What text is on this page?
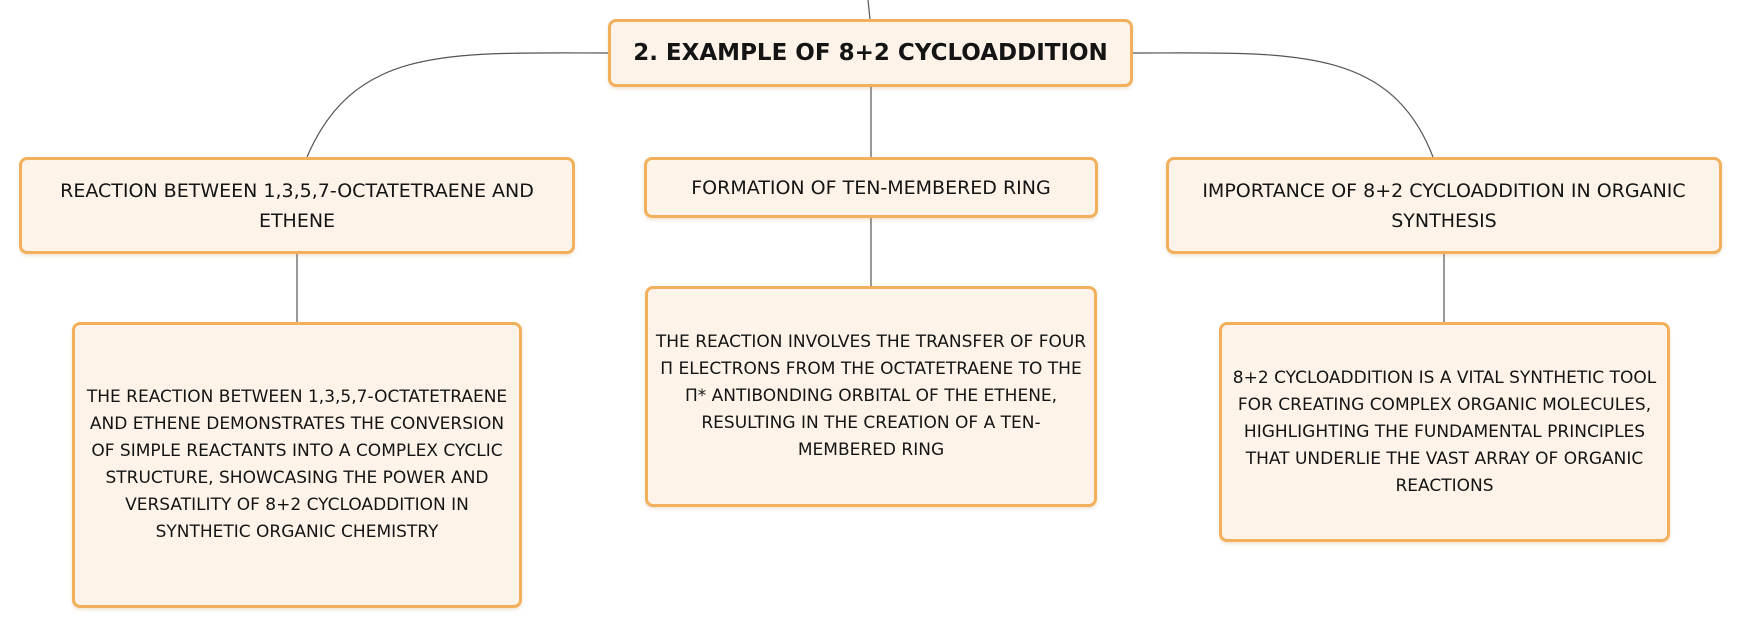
2. EXAMPLE OF 8+2 CYCLOADDITION
REACTION BETWEEN 1,3,5,7-OCTATETRAENE AND ETHENE
FORMATION OF TEN-MEMBERED RING	IMPORTANCE OF 8+2 CYCLOADDITION IN ORGANIC SYNTHESIS
THE REACTION BETWEEN 1,3,5,7-OCTATETRAENE AND ETHENE DEMONSTRATES THE CONVERSION OF SIMPLE REACTANTS INTO A COMPLEX CYCLIC STRUCTURE, SHOWCASING THE POWER AND VERSATILITY OF 8+2 CYCLOADDITION IN SYNTHETIC ORGANIC CHEMISTRY
THE REACTION INVOLVES THE TRANSFER OF FOUR Π ELECTRONS FROM THE OCTATETRAENE TO THE Π* ANTIBONDING ORBITAL OF THE ETHENE, RESULTING IN THE CREATION OF A TEN-MEMBERED RING
8+2 CYCLOADDITION IS A VITAL SYNTHETIC TOOL FOR CREATING COMPLEX ORGANIC MOLECULES, HIGHLIGHTING THE FUNDAMENTAL PRINCIPLES THAT UNDERLIE THE VAST ARRAY OF ORGANIC REACTIONS
